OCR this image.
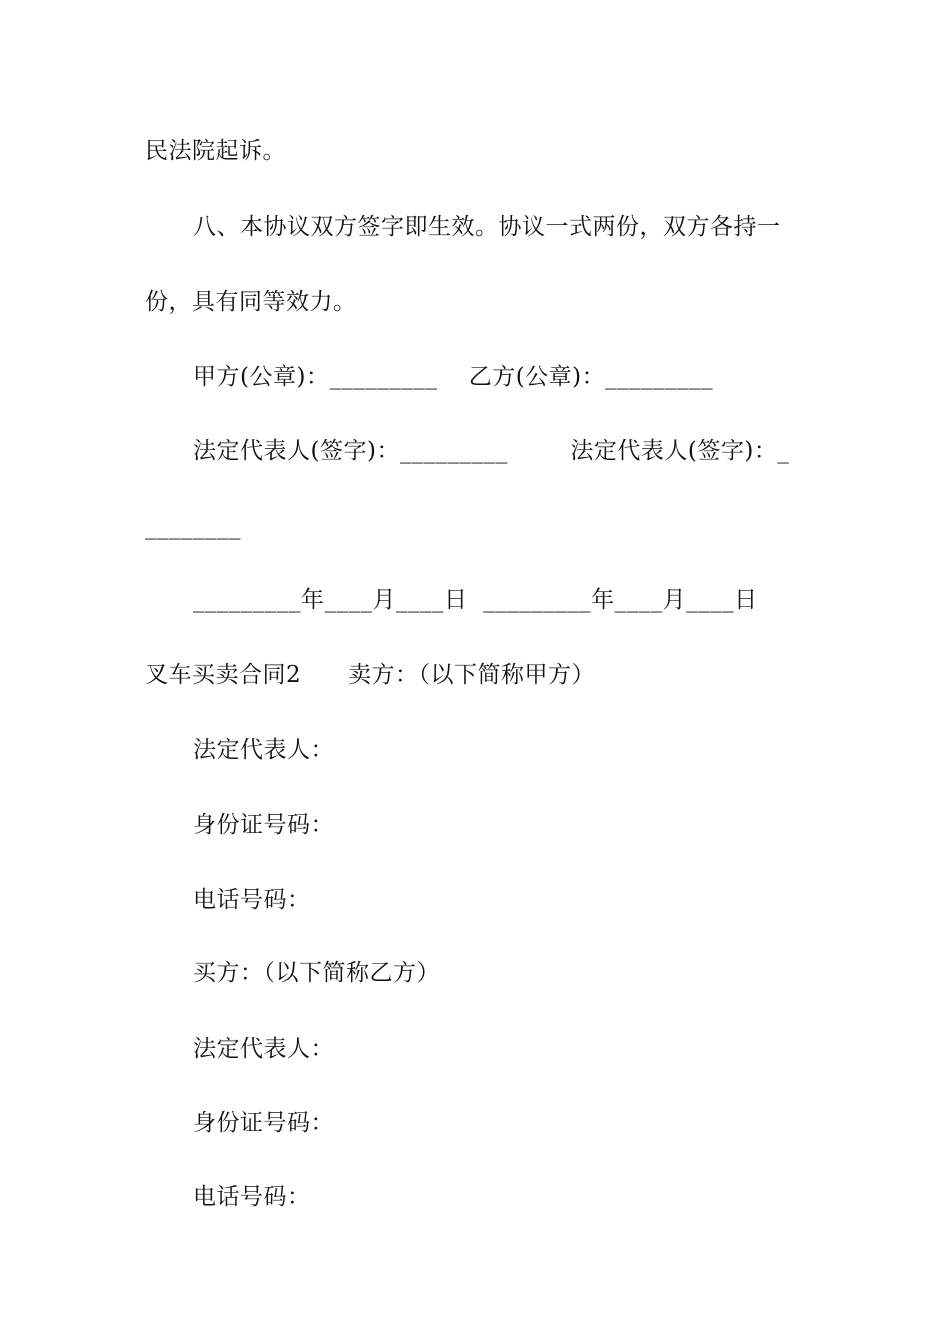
民法院起诉。
八、本协议双方签字即生效。协议一式两份，双方各持一
份，具有同等效力。
甲方(公章)：_________    乙方(公章)：_________
法定代表人(签字)：_________        法定代表人(签字)：_
________
_________年____月____日  _________年____月____日
叉车买卖合同2      卖方：（以下简称甲方）
法定代表人：
身份证号码：
电话号码：
买方：（以下简称乙方）
法定代表人：
身份证号码：
电话号码：
